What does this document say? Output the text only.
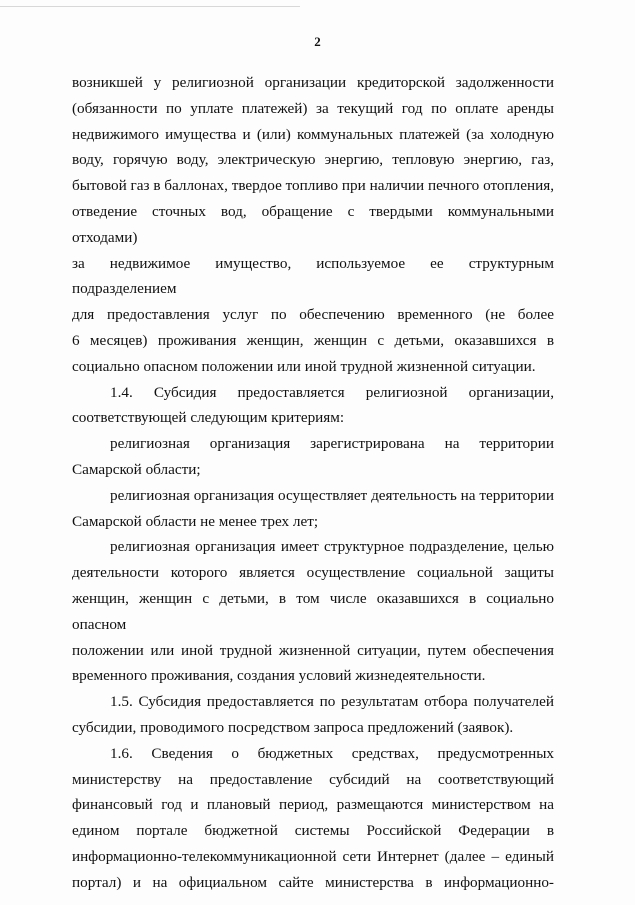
2

возникшей у религиозной организации кредиторской задолженности

(обязанности по уплате платежей) за текущий год по оплате аренды

недвижимого имущества и (или) коммунальных платежей (за холодную

воду, горячую воду, электрическую энергию, тепловую энергию, газ,

бытовой газ в баллонах, твердое топливо при наличии печного отопления,

отведение сточных вод, обращение с твердыми коммунальными отходами)

за недвижимое имущество, используемое ее структурным подразделением

для предоставления услуг по обеспечению временного (не более

6 месяцев) проживания женщин, женщин с детьми, оказавшихся в

социально опасном положении или иной трудной жизненной ситуации.

1.4. Субсидия предоставляется религиозной организации,

соответствующей следующим критериям:

религиозная организация зарегистрирована на территории

Самарской области;

религиозная организация осуществляет деятельность на территории

Самарской области не менее трех лет;

религиозная организация имеет структурное подразделение, целью

деятельности которого является осуществление социальной защиты

женщин, женщин с детьми, в том числе оказавшихся в социально опасном

положении или иной трудной жизненной ситуации, путем обеспечения

временного проживания, создания условий жизнедеятельности.

1.5. Субсидия предоставляется по результатам отбора получателей

субсидии, проводимого посредством запроса предложений (заявок).

1.6. Сведения о бюджетных средствах, предусмотренных

министерству на предоставление субсидий на соответствующий

финансовый год и плановый период, размещаются министерством на

едином портале бюджетной системы Российской Федерации в

информационно-телекоммуникационной сети Интернет (далее – единый

портал) и на официальном сайте министерства в информационно-
